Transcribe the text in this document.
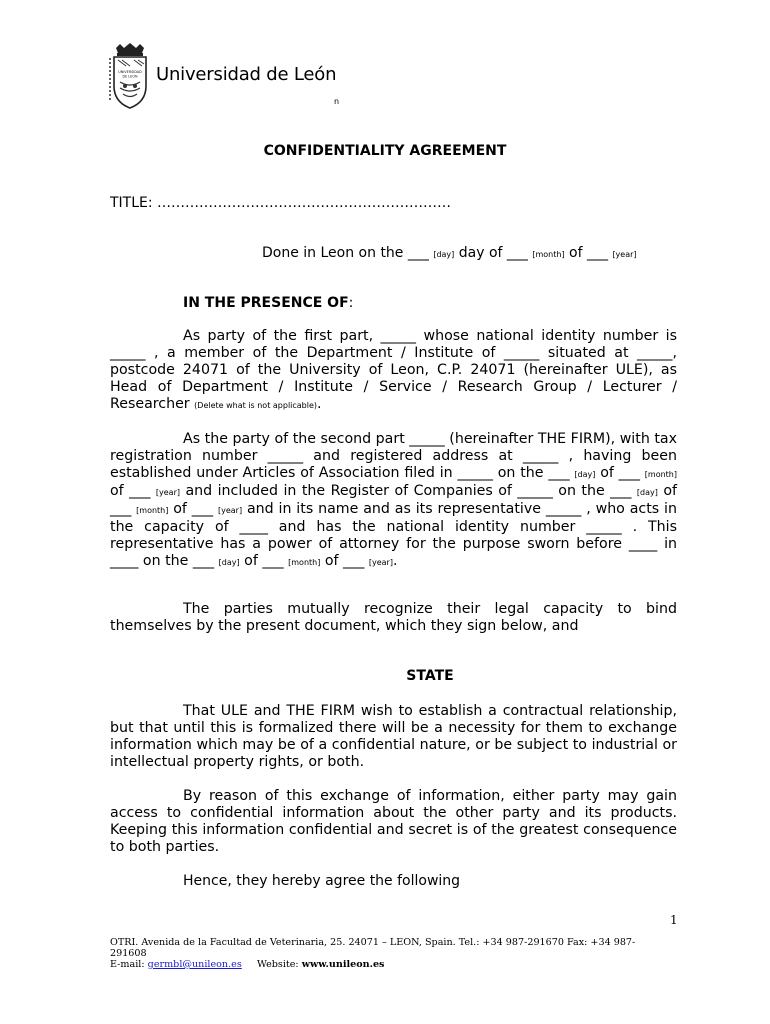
UNIVERSIDAD
DE LEON Universidad de León
n
CONFIDENTIALITY AGREEMENT
TITLE: ………………………………………………………
Done in Leon on the ___ [day] day of ___ [month] of ___ [year]
IN THE PRESENCE OF:
As party of the first part, _____ whose national identity number is _____ , a member of the Department / Institute of _____ situated at _____, postcode 24071 of the University of Leon, C.P. 24071 (hereinafter ULE), as Head of Department / Institute / Service / Research Group / Lecturer / Researcher (Delete what is not applicable).
As the party of the second part _____ (hereinafter THE FIRM), with tax registration number _____ and registered address at _____ , having been established under Articles of Association filed in _____ on the ___ [day] of ___ [month] of ___ [year] and included in the Register of Companies of _____ on the ___ [day] of ___ [month] of ___ [year] and in its name and as its representative _____ , who acts in the capacity of ____ and has the national identity number _____ . This representative has a power of attorney for the purpose sworn before ____ in ____ on the ___ [day] of ___ [month] of ___ [year].
The parties mutually recognize their legal capacity to bind themselves by the present document, which they sign below, and
STATE
That ULE and THE FIRM wish to establish a contractual relationship, but that until this is formalized there will be a necessity for them to exchange information which may be of a confidential nature, or be subject to industrial or intellectual property rights, or both.
By reason of this exchange of information, either party may gain access to confidential information about the other party and its products. Keeping this information confidential and secret is of the greatest consequence to both parties.
Hence, they hereby agree the following
1
OTRI. Avenida de la Facultad de Veterinaria, 25. 24071 – LEON, Spain. Tel.: +34 987-291670 Fax: +34 987-291608
E-mail: germbl@unileon.es Website: www.unileon.es
